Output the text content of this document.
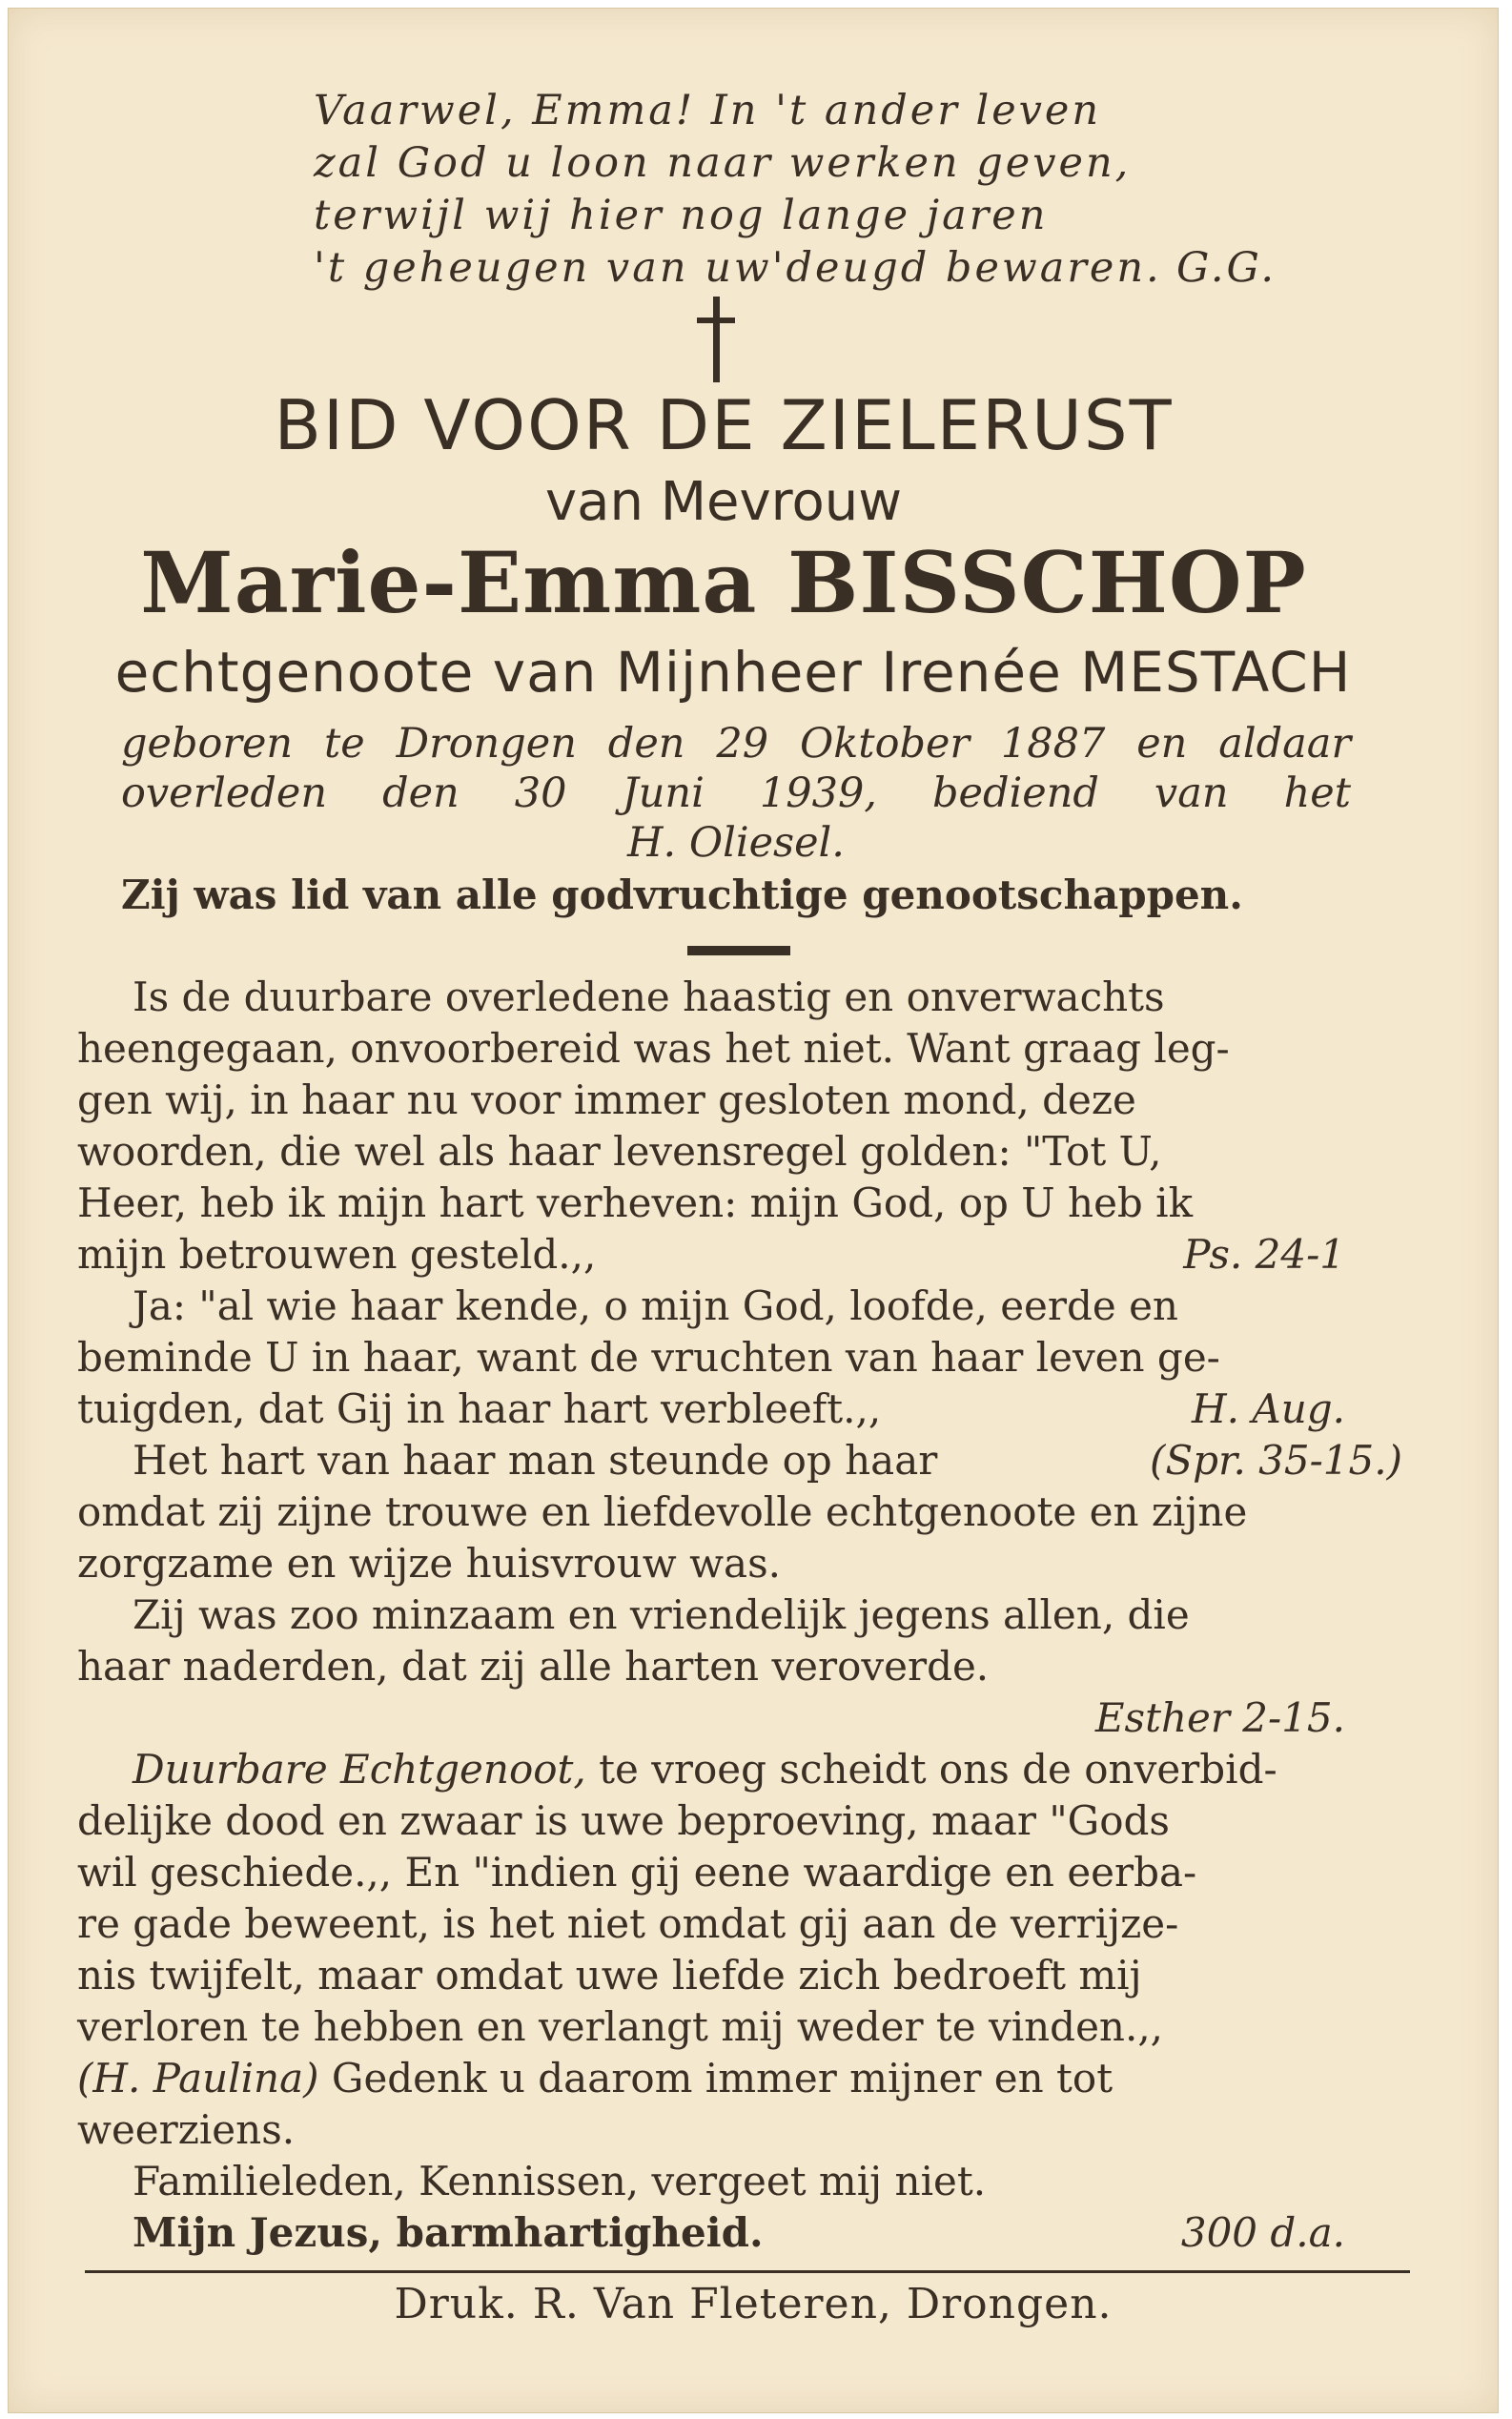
Vaarwel, Emma! In 't ander leven
zal God u loon naar werken geven,
terwijl wij hier nog lange jaren
't geheugen van uw'deugd bewaren. G.G.
BID VOOR DE ZIELERUST
van Mevrouw
Marie-Emma BISSCHOP
echtgenoote van Mijnheer Irenée MESTACH
geboren te Drongen den 29 Oktober 1887 en aldaar
overleden den 30 Juni 1939, bediend van het
H. Oliesel.
Zij was lid van alle godvruchtige genootschappen.
Is de duurbare overledene haastig en onverwachts
heengegaan, onvoorbereid was het niet. Want graag leg-
gen wij, in haar nu voor immer gesloten mond, deze
woorden, die wel als haar levensregel golden: "Tot U,
Heer, heb ik mijn hart verheven: mijn God, op U heb ik
mijn betrouwen gesteld.,,	Ps. 24-1
Ja: "al wie haar kende, o mijn God, loofde, eerde en
beminde U in haar, want de vruchten van haar leven ge-
tuigden, dat Gij in haar hart verbleeft.,,	H. Aug.
Het hart van haar man steunde op haar	(Spr. 35-15.)
omdat zij zijne trouwe en liefdevolle echtgenoote en zijne
zorgzame en wijze huisvrouw was.
Zij was zoo minzaam en vriendelijk jegens allen, die
haar naderden, dat zij alle harten veroverde.
Esther 2-15.
Duurbare Echtgenoot, te vroeg scheidt ons de onverbid-
delijke dood en zwaar is uwe beproeving, maar "Gods
wil geschiede.,, En "indien gij eene waardige en eerba-
re gade beweent, is het niet omdat gij aan de verrijze-
nis twijfelt, maar omdat uwe liefde zich bedroeft mij
verloren te hebben en verlangt mij weder te vinden.,,
(H. Paulina) Gedenk u daarom immer mijner en tot
weerziens.
Familieleden, Kennissen, vergeet mij niet.
Mijn Jezus, barmhartigheid.	300 d.a.
Druk. R. Van Fleteren, Drongen.
